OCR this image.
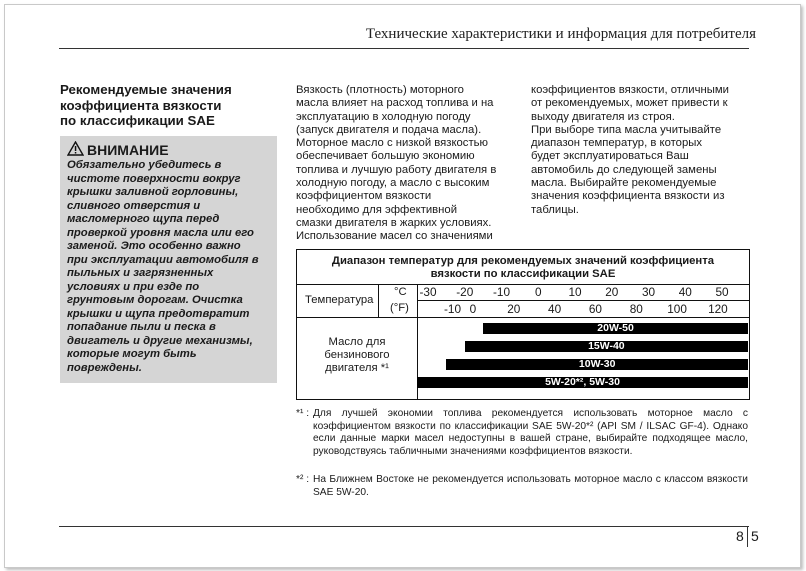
Технические характеристики и информация для потребителя
Рекомендуемые значения
коэффициента вязкости
по классификации SAE
ВНИМАНИЕ
Обязательно убедитесь в
чистоте поверхности вокруг
крышки заливной горловины,
сливного отверстия и
масломерного щупа перед
проверкой уровня масла или его
заменой. Это особенно важно
при эксплуатации автомобиля в
пыльных и загрязненных
условиях и при езде по
грунтовым дорогам. Очистка
крышки и щупа предотвратит
попадание пыли и песка в
двигатель и другие механизмы,
которые могут быть
повреждены.
Вязкость (плотность) моторного
масла влияет на расход топлива и на
эксплуатацию в холодную погоду
(запуск двигателя и подача масла).
Моторное масло с низкой вязкостью
обеспечивает большую экономию
топлива и лучшую работу двигателя в
холодную погоду, а масло с высоким
коэффициентом вязкости
необходимо для эффективной
смазки двигателя в жарких условиях.
Использование масел со значениями
коэффициентов вязкости, отличными
от рекомендуемых, может привести к
выходу двигателя из строя.
При выборе типа масла учитывайте
диапазон температур, в которых
будет эксплуатироваться Ваш
автомобиль до следующей замены
масла. Выбирайте рекомендуемые
значения коэффициента вязкости из
таблицы.
Диапазон температур для рекомендуемых значений коэффициента
вязкости по классификации SAE
Температура
°C
(°F)
-30 -20 -10 0 10 20 30 40 50
-10 0	20 40 60 80 100 120
Масло для
бензинового
двигателя *¹
20W-50
15W-40
10W-30
5W-20*², 5W-30
*¹ : Для лучшей экономии топлива рекомендуется использовать моторное масло с коэффициентом вязкости по классификации SAE 5W-20*² (API SM / ILSAC GF-4). Однако если данные марки масел недоступны в вашей стране, выбирайте подходящее масло, руководствуясь табличными значениями коэффициентов вязкости.
*² : На Ближнем Востоке не рекомендуется использовать моторное масло с классом вязкости SAE 5W-20.
8 5
